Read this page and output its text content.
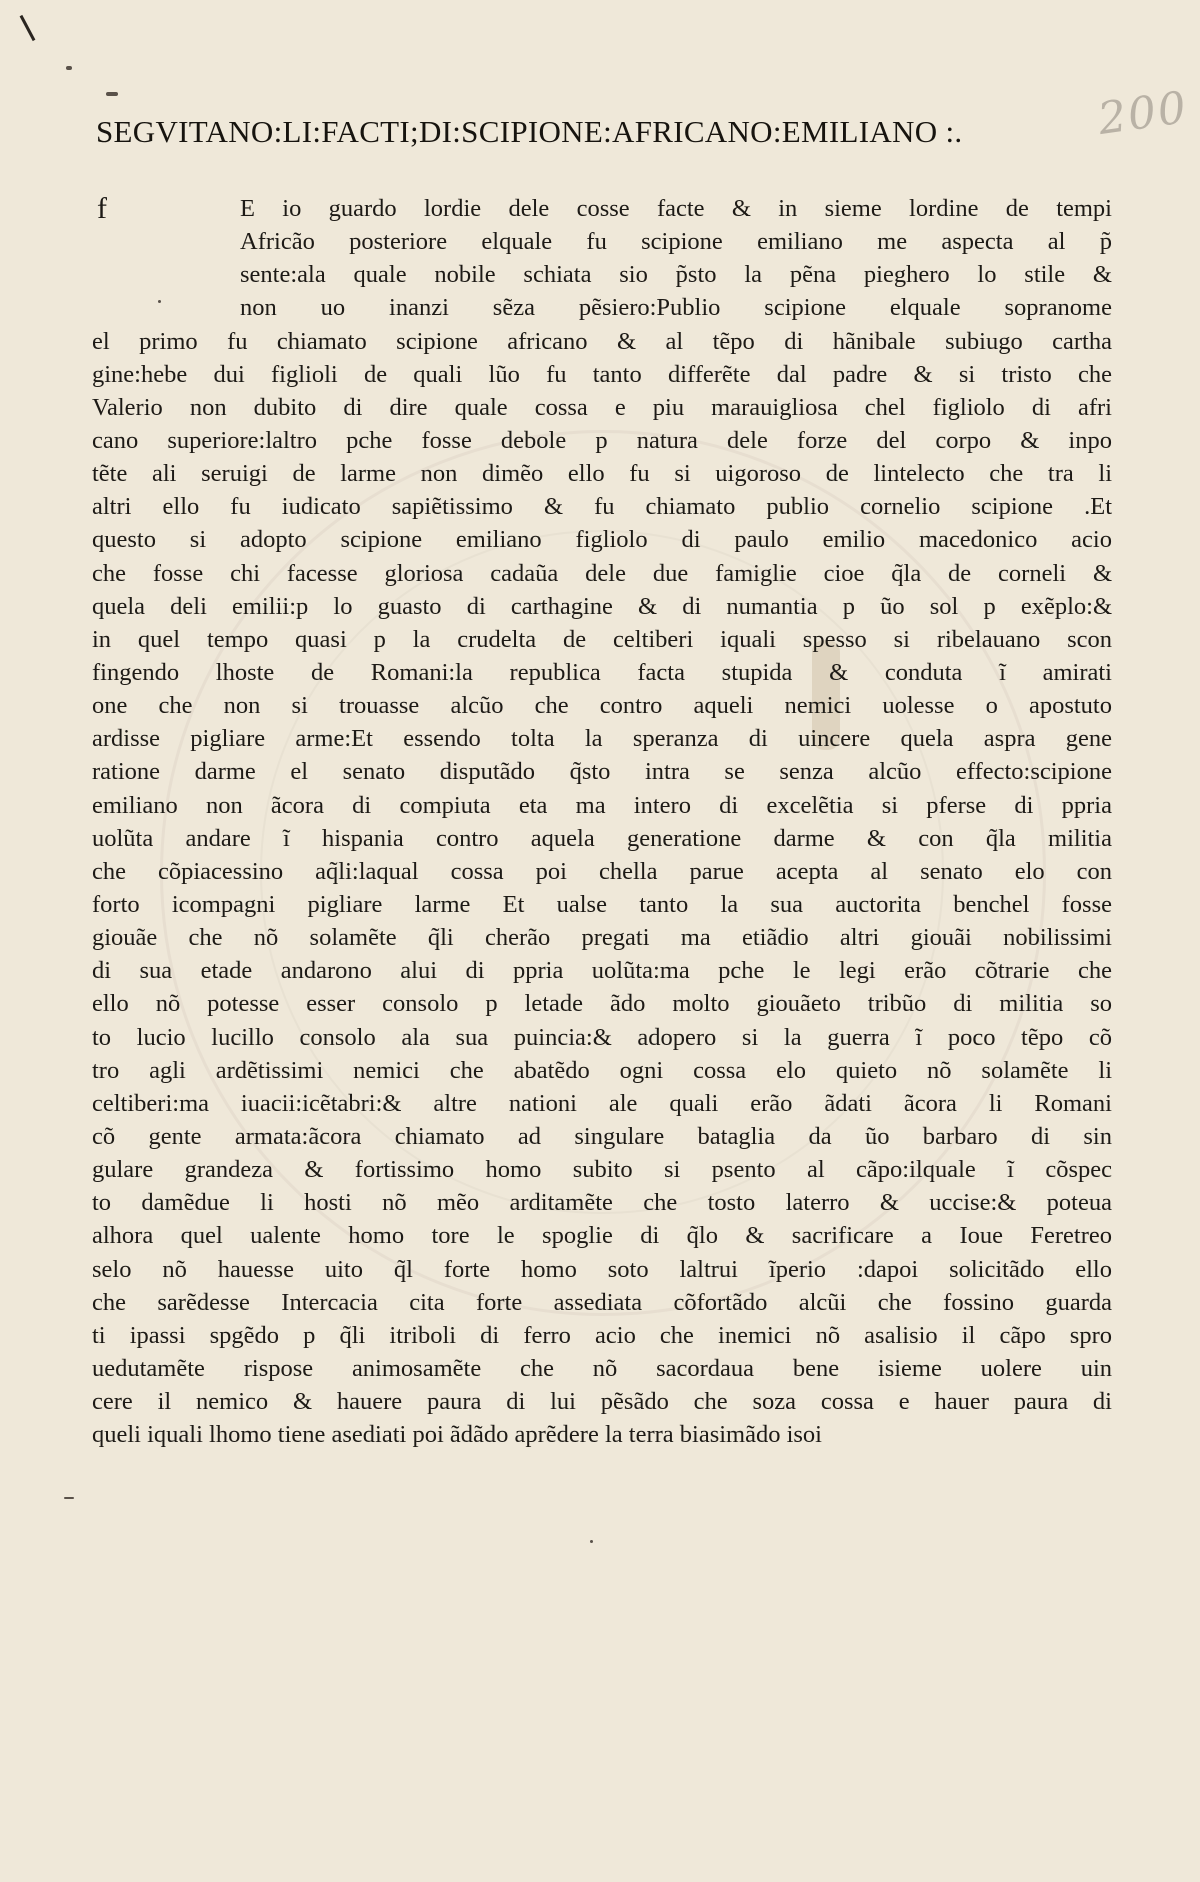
200
SEGVITANO:LI:FACTI;DI:SCIPIONE:AFRICANO:EMILIANO :.
f	E io guardo lordie dele cosse facte & in sieme lordine de tempi
Africão posteriore elquale fu scipione emiliano me aspecta al p̃
sente:ala quale nobile schiata sio p̃sto la pẽna pieghero lo stile &
non uo inanzi sẽza pẽsiero:Publio scipione elquale sopranome
el primo fu chiamato scipione africano & al tẽpo di hãnibale subiugo cartha
gine:hebe dui figlioli de quali lũo fu tanto differẽte dal padre & si tristo che
Valerio non dubito di dire quale cossa e piu marauigliosa chel figliolo di afri
cano superiore:laltro pche fosse debole p natura dele forze del corpo & inpo
tẽte ali seruigi de larme non dimẽo ello fu si uigoroso de lintelecto che tra li
altri ello fu iudicato sapiẽtissimo & fu chiamato publio cornelio scipione .Et
questo si adopto scipione emiliano figliolo di paulo emilio macedonico acio
che fosse chi facesse gloriosa cadaũa dele due famiglie cioe q̃la de corneli &
quela deli emilii:p lo guasto di carthagine & di numantia p ũo sol p exẽplo:&
in quel tempo quasi p la crudelta de celtiberi iquali spesso si ribelauano scon
fingendo lhoste de Romani:la republica facta stupida & conduta ĩ amirati
one che non si trouasse alcũo che contro aqueli nemici uolesse o apostuto
ardisse pigliare arme:Et essendo tolta la speranza di uincere quela aspra gene
ratione darme el senato disputãdo q̃sto intra se senza alcũo effecto:scipione
emiliano non ãcora di compiuta eta ma intero di excelẽtia si pferse di ppria
uolũta andare ĩ hispania contro aquela generatione darme & con q̃la militia
che cõpiacessino aq̃li:laqual cossa poi chella parue acepta al senato elo con
forto icompagni pigliare larme Et ualse tanto la sua auctorita benchel fosse
giouãe che nõ solamẽte q̃li cherão pregati ma etiãdio altri giouãi nobilissimi
di sua etade andarono alui di ppria uolũta:ma pche le legi erão cõtrarie che
ello nõ potesse esser consolo p letade ãdo molto giouãeto tribũo di militia so
to lucio lucillo consolo ala sua puincia:& adopero si la guerra ĩ poco tẽpo cõ
tro agli ardẽtissimi nemici che abatẽdo ogni cossa elo quieto nõ solamẽte li
celtiberi:ma iuacii:icẽtabri:& altre nationi ale quali erão ãdati ãcora li Romani
cõ gente armata:ãcora chiamato ad singulare bataglia da ũo barbaro di sin
gulare grandeza & fortissimo homo subito si psento al cãpo:ilquale ĩ cõspec
to damẽdue li hosti nõ mẽo arditamẽte che tosto laterro & uccise:& poteua
alhora quel ualente homo tore le spoglie di q̃lo & sacrificare a Ioue Feretreo
selo nõ hauesse uito q̃l forte homo soto laltrui ĩperio :dapoi solicitãdo ello
che sarẽdesse Intercacia cita forte assediata cõfortãdo alcũi che fossino guarda
ti ipassi spgẽdo p q̃li itriboli di ferro acio che inemici nõ asalisio il cãpo spro
uedutamẽte rispose animosamẽte che nõ sacordaua bene isieme uolere uin
cere il nemico & hauere paura di lui pẽsãdo che soza cossa e hauer paura di
queli iquali lhomo tiene asediati poi ãdãdo aprẽdere la terra biasimãdo isoi
